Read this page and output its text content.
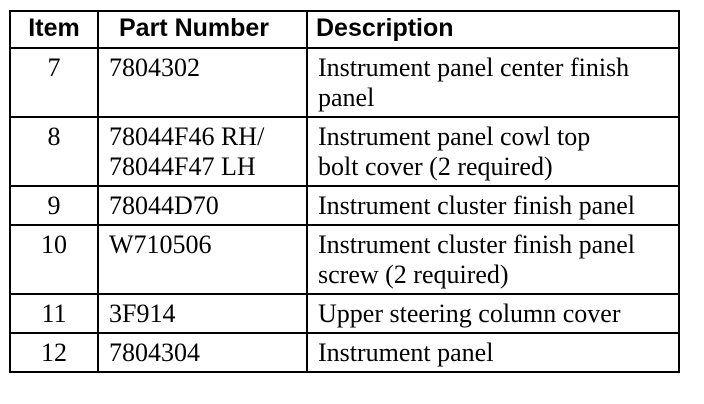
Item	Part Number	Description
7	7804302	Instrument panel center finish
panel

8	78044F46 RH/
78044F47 LH	Instrument panel cowl top
bolt cover (2 required)

9	78044D70	Instrument cluster finish panel

10	W710506	Instrument cluster finish panel
screw (2 required)

11	3F914	Upper steering column cover

12	7804304	Instrument panel
